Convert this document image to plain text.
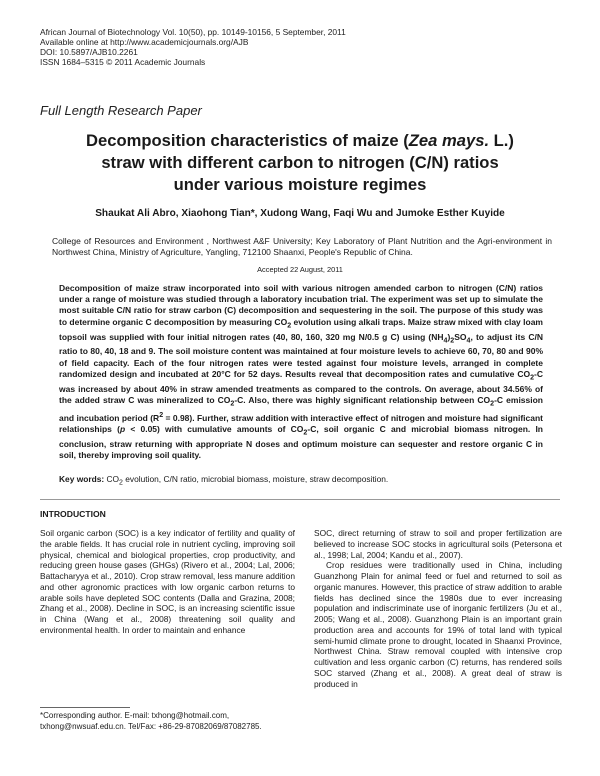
African Journal of Biotechnology Vol. 10(50), pp. 10149-10156, 5 September, 2011
Available online at http://www.academicjournals.org/AJB
DOI: 10.5897/AJB10.2261
ISSN 1684–5315 © 2011 Academic Journals
Full Length Research Paper
Decomposition characteristics of maize (Zea mays. L.)
straw with different carbon to nitrogen (C/N) ratios
under various moisture regimes
Shaukat Ali Abro, Xiaohong Tian*, Xudong Wang, Faqi Wu and Jumoke Esther Kuyide
College of Resources and Environment , Northwest A&F University; Key Laboratory of Plant Nutrition and the Agri-environment in Northwest China, Ministry of Agriculture, Yangling, 712100 Shaanxi, People's Republic of China.
Accepted 22 August, 2011
Decomposition of maize straw incorporated into soil with various nitrogen amended carbon to nitrogen (C/N) ratios under a range of moisture was studied through a laboratory incubation trial. The experiment was set up to simulate the most suitable C/N ratio for straw carbon (C) decomposition and sequestering in the soil. The purpose of this study was to determine organic C decomposition by measuring $CO_2$ evolution using alkali traps. Maize straw mixed with clay loam topsoil was supplied with four initial nitrogen rates (40, 80, 160, 320 mg N/0.5 g C) using $(NH_4)_2SO_4$, to adjust its C/N ratio to 80, 40, 18 and 9. The soil moisture content was maintained at four moisture levels to achieve 60, 70, 80 and 90% of field capacity. Each of the four nitrogen rates were tested against four moisture levels, arranged in complete randomized design and incubated at 20°C for 52 days. Results reveal that decomposition rates and cumulative $CO_2-C$ was increased by about 40% in straw amended treatments as compared to the controls. On average, about 34.56% of the added straw C was mineralized to $CO_2-C$. Also, there was highly significant relationship between $CO_2-C$ emission and incubation period $(R^2 = 0.98)$. Further, straw addition with interactive effect of nitrogen and moisture had significant relationships (p < 0.05) with cumulative amounts of $CO_2-C$, soil organic C and microbial biomass nitrogen. In conclusion, straw returning with appropriate N doses and optimum moisture can sequester and restore organic C in soil, thereby improving soil quality.
Key words: $CO_2$ evolution, C/N ratio, microbial biomass, moisture, straw decomposition.
INTRODUCTION

Soil organic carbon (SOC) is a key indicator of fertility and quality of the arable fields. It has crucial role in nutrient cycling, improving soil physical, chemical and biological properties, crop productivity, and reducing green house gases (GHGs) (Rivero et al., 2004; Lal, 2006; Battacharyya et al., 2010). Crop straw removal, less manure addition and other agronomic practices with low organic carbon returns to arable soils have depleted SOC contents (Dalla and Grazina, 2008; Zhang et al., 2008). Decline in SOC, is an increasing scientific issue in China (Wang et al., 2008) threatening soil quality and environmental health. In order to maintain and enhance

SOC, direct returning of straw to soil and proper fertilization are believed to increase SOC stocks in agricultural soils (Petersona et al., 1998; Lal, 2004; Kandu et al., 2007).

Crop residues were traditionally used in China, including Guanzhong Plain for animal feed or fuel and returned to soil as organic manures. However, this practice of straw addition to arable fields has declined since the 1980s due to ever increasing population and indiscriminate use of inorganic fertilizers (Ju et al., 2005; Wang et al., 2008). Guanzhong Plain is an important grain production area and accounts for 19% of total land with typical semi-humid climate prone to drought, located in Shaanxi Province, Northwest China. Straw removal coupled with intensive crop cultivation and less organic carbon (C) returns, has rendered soils SOC starved (Zhang et al., 2008). A great deal of straw is produced in

*Corresponding author. E-mail: txhong@hotmail.com,
txhong@nwsuaf.edu.cn. Tel/Fax: +86-29-87082069/87082785.
